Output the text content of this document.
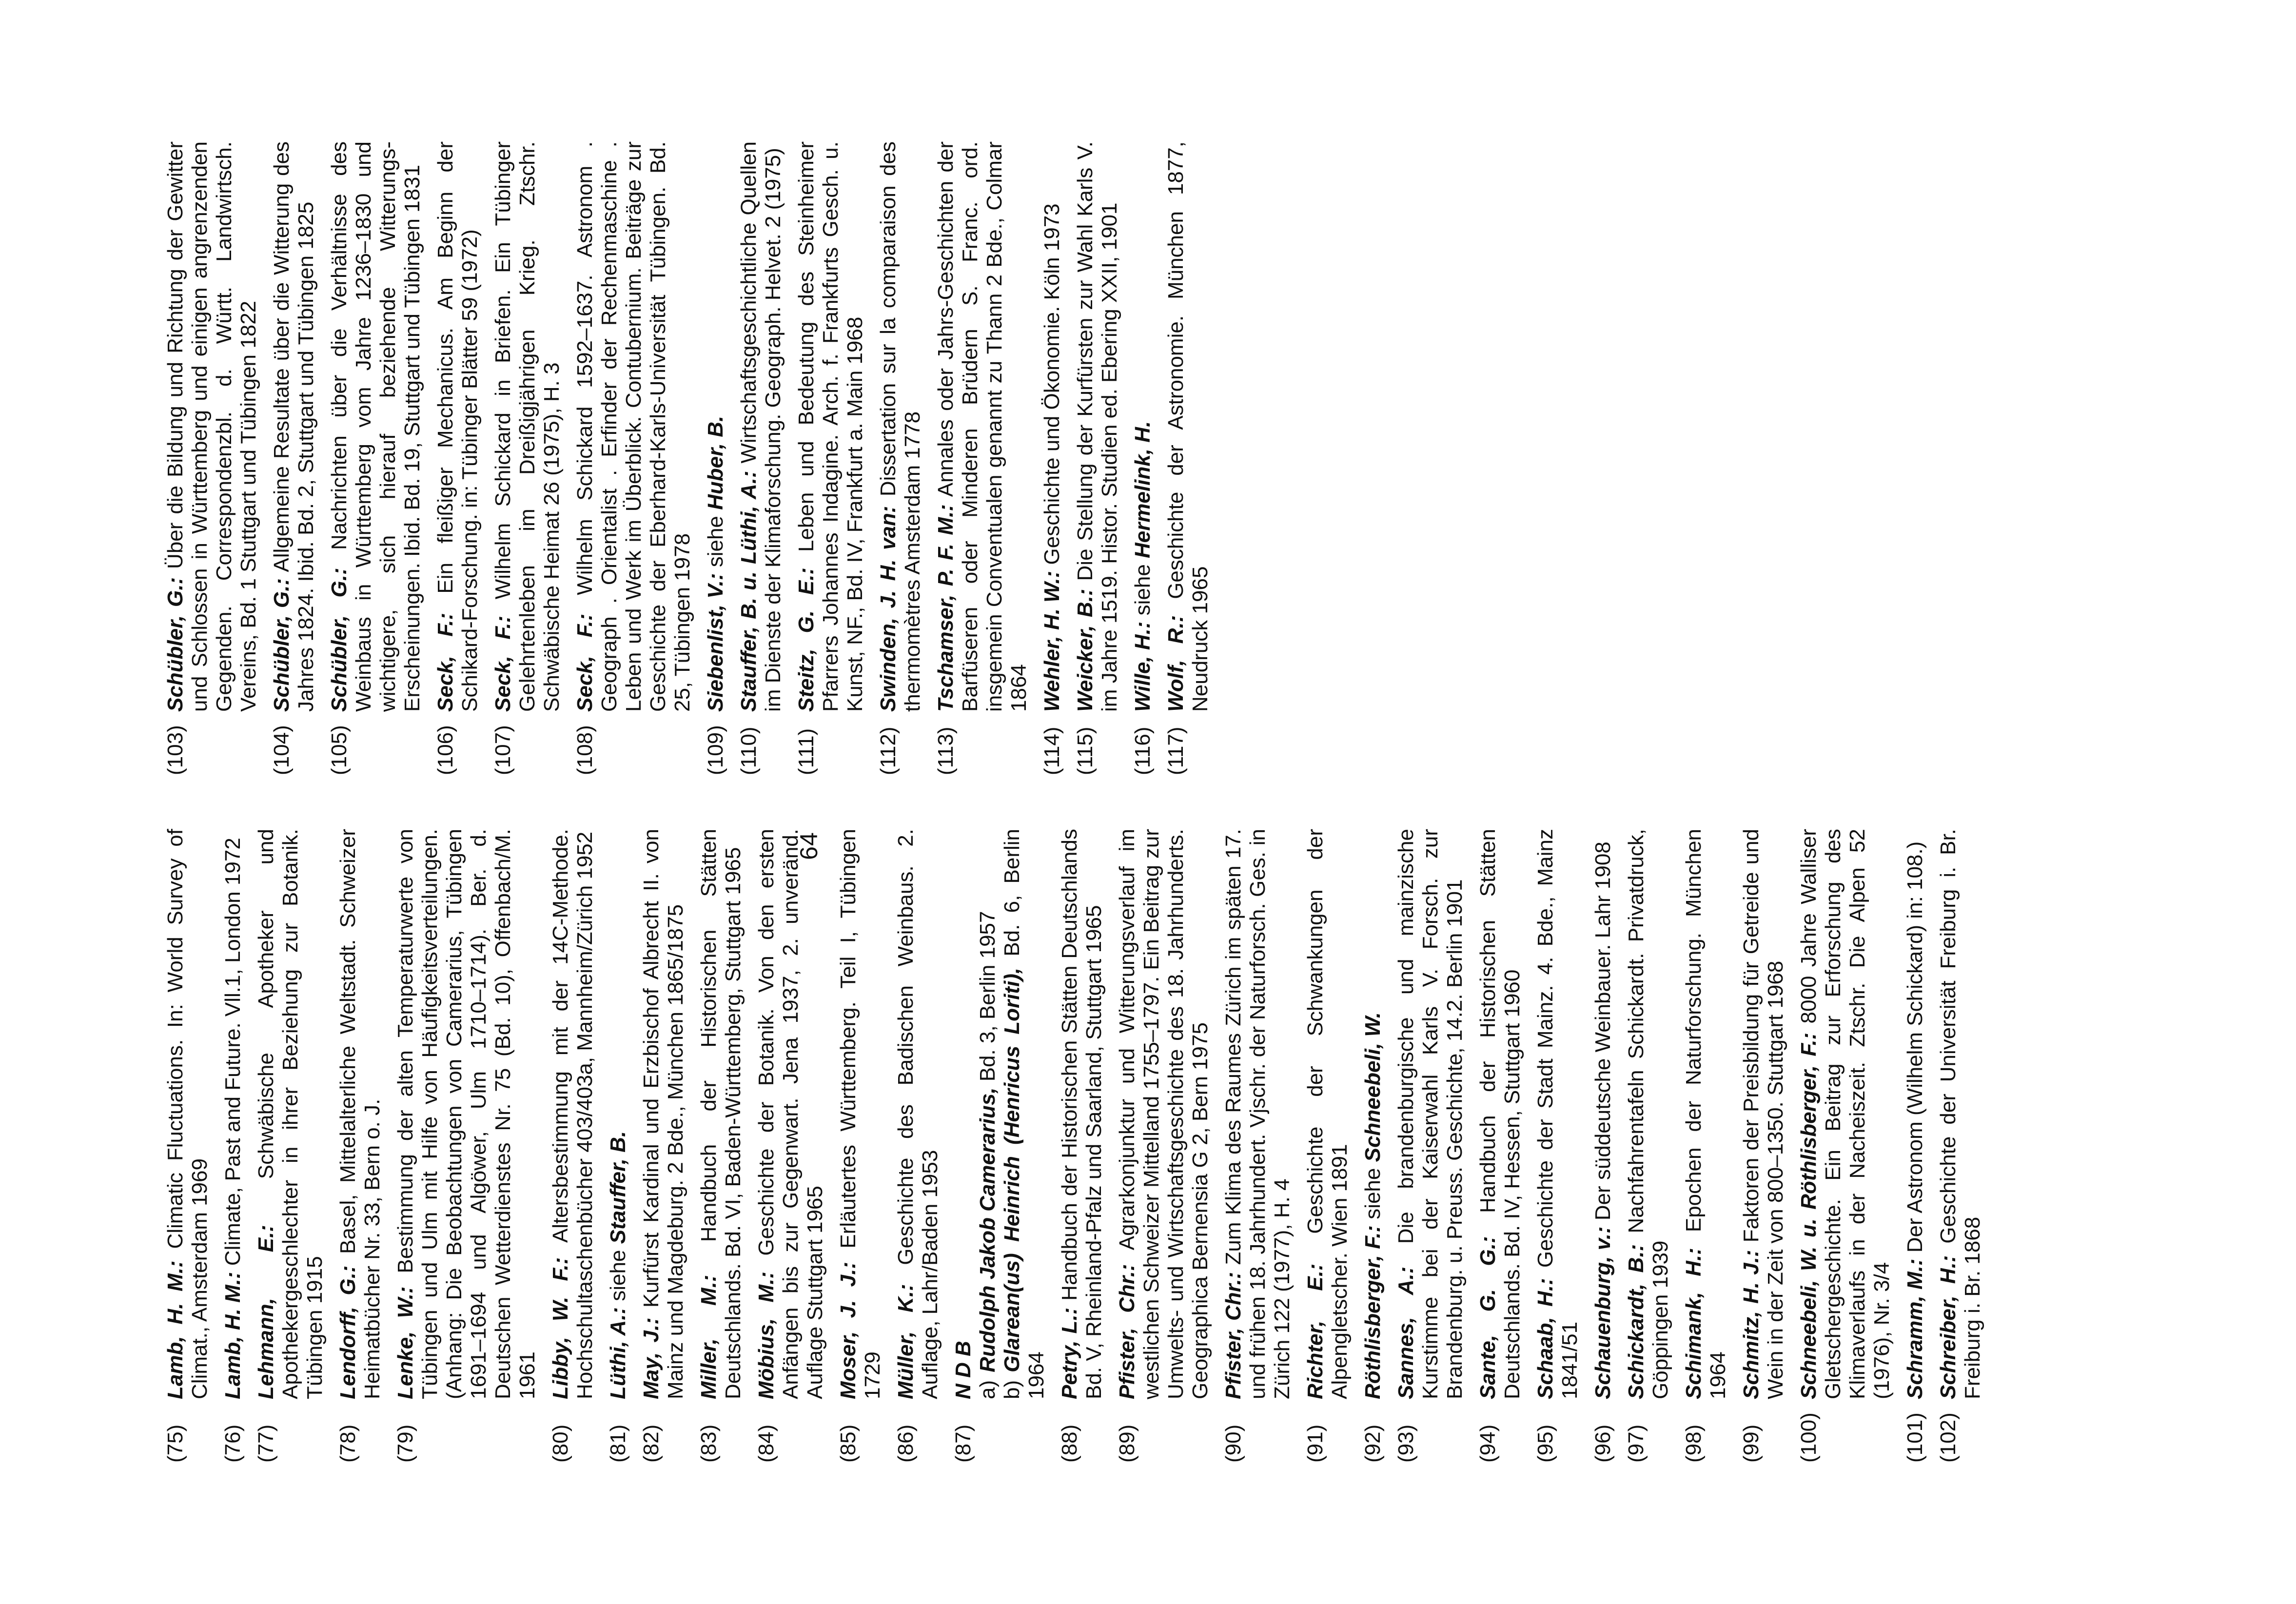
64
(75)
Lamb, H. M.: Climatic Fluctuations. In: World Survey of Climat., Amsterdam 1969
(76)
Lamb, H. M.: Climate, Past and Future. Vll.1, London 1972
(77)
Lehmann, E.: Schwäbische Apotheker und Apothekergeschlechter in ihrer Beziehung zur Botanik. Tübingen 1915
(78)
Lendorff, G.: Basel, Mittelalterliche Weltstadt. Schweizer Heimatbücher Nr. 33, Bern o. J.
(79)
Lenke, W.: Bestimmung der alten Temperaturwerte von Tübingen und Ulm mit Hilfe von Häufigkeitsverteilungen. (Anhang: Die Beobachtungen von Camerarius, Tübingen 1691–1694 und Algöwer, Ulm 1710–1714). Ber. d. Deutschen Wetterdienstes Nr. 75 (Bd. 10), Offenbach/M. 1961
(80)
Libby, W. F.: Altersbestimmung mit der 14C-Methode. Hochschultaschenbücher 403/403a, Mannheim/Zürich 1952
(81)
Lüthi, A.: siehe Stauffer, B.
(82)
May, J.: Kurfürst Kardinal und Erzbischof Albrecht II. von Mainz und Magdeburg. 2 Bde., München 1865/1875
(83)
Miller, M.: Handbuch der Historischen Stätten Deutschlands. Bd. VI, Baden-Württemberg, Stuttgart 1965
(84)
Möbius, M.: Geschichte der Botanik. Von den ersten Anfängen bis zur Gegenwart. Jena 1937, 2. unveränd. Auflage Stuttgart 1965
(85)
Moser, J. J.: Erläutertes Württemberg. Teil I, Tübingen 1729
(86)
Müller, K.: Geschichte des Badischen Weinbaus. 2. Auflage, Lahr/Baden 1953
(87)
N D B a)Rudolph Jakob Camerarius, Bd. 3, Berlin 1957
b)Glarean(us) Heinrich (Henricus Loriti), Bd. 6, Berlin 1964
(88)
Petry, L.: Handbuch der Historischen Stätten Deutschlands Bd. V, Rheinland-Pfalz und Saarland, Stuttgart 1965
(89)
Pfister, Chr.: Agrarkonjunktur und Witterungsverlauf im westlichen Schweizer Mittelland 1755–1797. Ein Beitrag zur Umwelts- und Wirtschaftsgeschichte des 18. Jahrhunderts. Geographica Bernensia G 2, Bern 1975
(90)
Pfister, Chr.: Zum Klima des Raumes Zürich im späten 17. und frühen 18. Jahrhundert. Vjschr. der Naturforsch. Ges. in Zürich 122 (1977), H. 4
(91)
Richter, E.: Geschichte der Schwankungen der Alpengletscher. Wien 1891
(92)
Röthlisberger, F.: siehe Schneebeli, W.
(93)
Sannes, A.: Die brandenburgische und mainzische Kurstimme bei der Kaiserwahl Karls V. Forsch. zur Brandenburg. u. Preuss. Geschichte, 14.2. Berlin 1901
(94)
Sante, G. G.: Handbuch der Historischen Stätten Deutschlands. Bd. IV, Hessen, Stuttgart 1960
(95)
Schaab, H.: Geschichte der Stadt Mainz. 4. Bde., Mainz 1841/51
(96)
Schauenburg, v.: Der süddeutsche Weinbauer. Lahr 1908
(97)
Schickardt, B.: Nachfahrentafeln Schickardt. Privatdruck, Göppingen 1939
(98)
Schimank, H.: Epochen der Naturforschung. München 1964
(99)
Schmitz, H. J.: Faktoren der Preisbildung für Getreide und Wein in der Zeit von 800–1350. Stuttgart 1968
(100)
Schneebeli, W. u. Röthlisberger, F.: 8000 Jahre Walliser Gletschergeschichte. Ein Beitrag zur Erforschung des Klimaverlaufs in der Nacheiszeit. Ztschr. Die Alpen 52 (1976), Nr. 3/4
(101)
Schramm, M.: Der Astronom (Wilhelm Schickard) in: 108.)
(102)
Schreiber, H.: Geschichte der Universität Freiburg i. Br. Freiburg i. Br. 1868
(103)
Schübler, G.: Über die Bildung und Richtung der Gewitter und Schlossen in Württemberg und einigen angrenzenden Gegenden. Correspondenzbl. d. Württ. Landwirtsch. Vereins, Bd. 1 Stuttgart und Tübingen 1822
(104)
Schübler, G.: Allgemeine Resultate über die Witterung des Jahres 1824. Ibid. Bd. 2, Stuttgart und Tübingen 1825
(105)
Schübler, G.: Nachrichten über die Verhältnisse des Weinbaus in Württemberg vom Jahre 1236–1830 und wichtigere, sich hierauf beziehende Witterungs-Erscheinungen. Ibid. Bd. 19, Stuttgart und Tübingen 1831
(106)
Seck, F.: Ein fleißiger Mechanicus. Am Beginn der Schikard-Forschung. in: Tübinger Blätter 59 (1972)
(107)
Seck, F.: Wilhelm Schickard in Briefen. Ein Tübinger Gelehrtenleben im Dreißigjährigen Krieg. Ztschr. Schwäbische Heimat 26 (1975), H. 3
(108)
Seck, F.: Wilhelm Schickard 1592–1637. Astronom . Geograph . Orientalist . Erfinder der Rechenmaschine . Leben und Werk im Überblick. Contubernium. Beiträge zur Geschichte der Eberhard-Karls-Universität Tübingen. Bd. 25, Tübingen 1978
(109)
Siebenlist, V.: siehe Huber, B.
(110)
Stauffer, B. u. Lüthi, A.: Wirtschaftsgeschichtliche Quellen im Dienste der Klimaforschung. Geograph. Helvet. 2 (1975)
(111)
Steitz, G. E.: Leben und Bedeutung des Steinheimer Pfarrers Johannes Indagine. Arch. f. Frankfurts Gesch. u. Kunst, NF., Bd. IV, Frankfurt a. Main 1968
(112)
Swinden, J. H. van: Dissertation sur la comparaison des thermomètres Amsterdam 1778
(113)
Tschamser, P. F. M.: Annales oder Jahrs-Geschichten der Barfüseren oder Minderen Brüdern S. Franc. ord. insgemein Conventualen genannt zu Thann 2 Bde., Colmar 1864
(114)
Wehler, H. W.: Geschichte und Ökonomie. Köln 1973
(115)
Weicker, B.: Die Stellung der Kurfürsten zur Wahl Karls V. im Jahre 1519. Histor. Studien ed. Ebering XXII, 1901
(116)
Wille, H.: siehe Hermelink, H.
(117)
Wolf, R.: Geschichte der Astronomie. München 1877, Neudruck 1965
